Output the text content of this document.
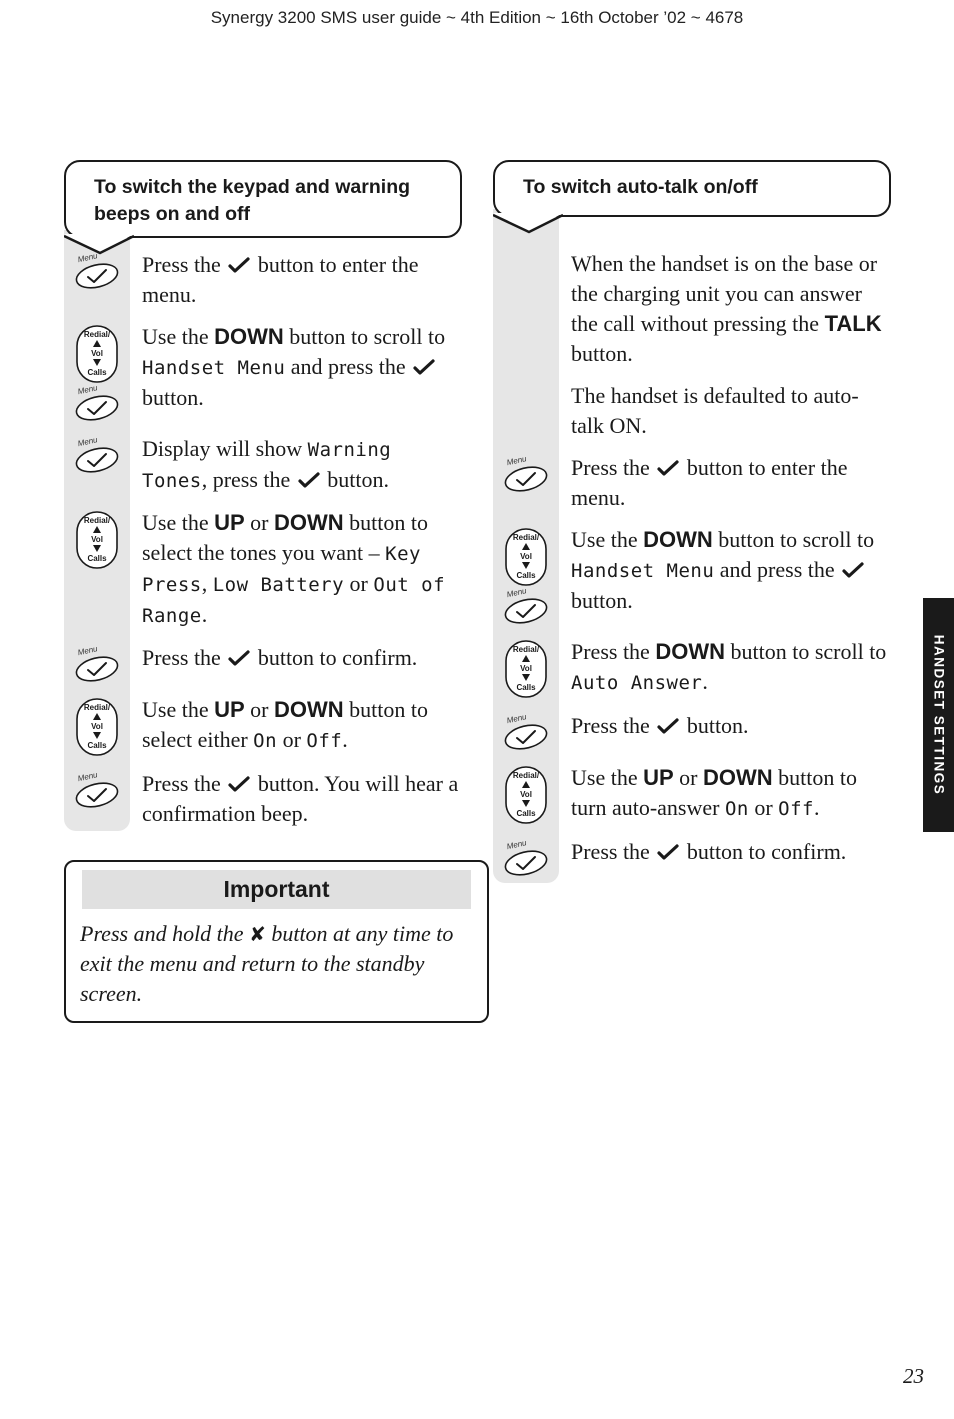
Synergy 3200 SMS user guide ~ 4th Edition ~ 16th October ’02 ~ 4678
To switch the keypad and warning beeps on and off
Press the button to enter the menu.
Use the DOWN button to scroll to Handset Menu and press the  button.
Display will show Warning Tones, press the button.
Use the UP or DOWN button to select the tones you want – Key Press, Low Battery or Out of Range.
Press the button to confirm.
Use the UP or DOWN button to select either On or Off.
Press the button. You will hear a confirmation beep.
Important
Press and hold the ✘ button at any time to exit the menu and return to the standby screen.
To switch auto-talk on/off
When the handset is on the base or the charging unit you can answer the call without pressing the TALK button.
The handset is defaulted to auto-talk ON.
Press the button to enter the menu.
Use the DOWN button to scroll to Handset Menu and press the  button.
Press the DOWN button to scroll to Auto Answer.
Press the button.
Use the UP or DOWN button to turn auto-answer On or Off.
Press the button to confirm.
HANDSET SETTINGS
23
